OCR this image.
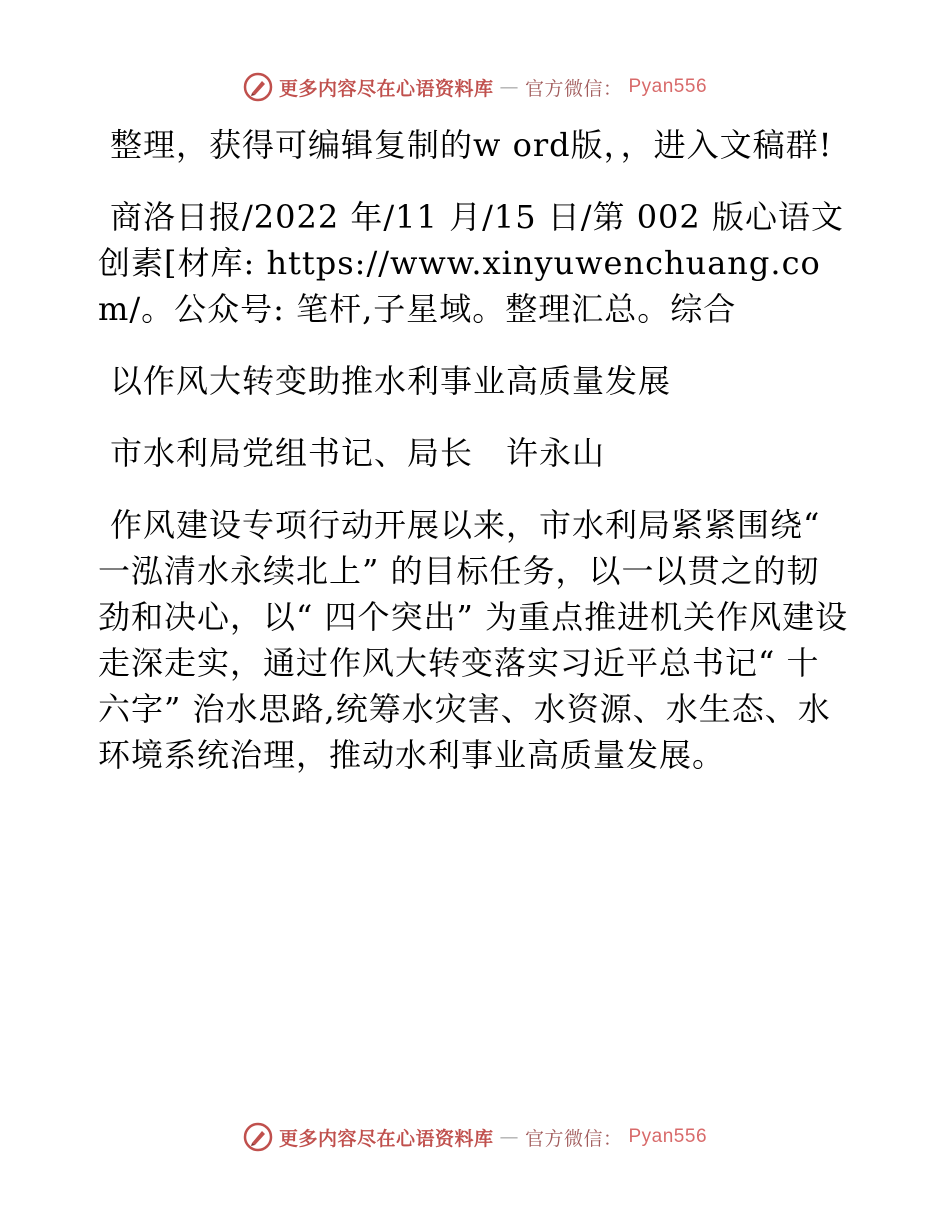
更多内容尽在心语资料库 — 官方微信： Pyan556

整理，获得可编辑复制的w ord版，，进入文稿群!

商洛日报/2022 年/11 月/15 日/第 002 版心语文创素[材库: https://www.xinyuwenchuang.com/。公众号: 笔杆,子星域。整理汇总。综合

以作风大转变助推水利事业高质量发展

市水利局党组书记、局长　许永山

作风建设专项行动开展以来，市水利局紧紧围绕“ 一泓清水永续北上” 的目标任务，以一以贯之的韧劲和决心，以“ 四个突出” 为重点推进机关作风建设走深走实，通过作风大转变落实习近平总书记“ 十六字” 治水思路,统筹水灾害、水资源、水生态、水环境系统治理，推动水利事业高质量发展。

更多内容尽在心语资料库 — 官方微信： Pyan556
